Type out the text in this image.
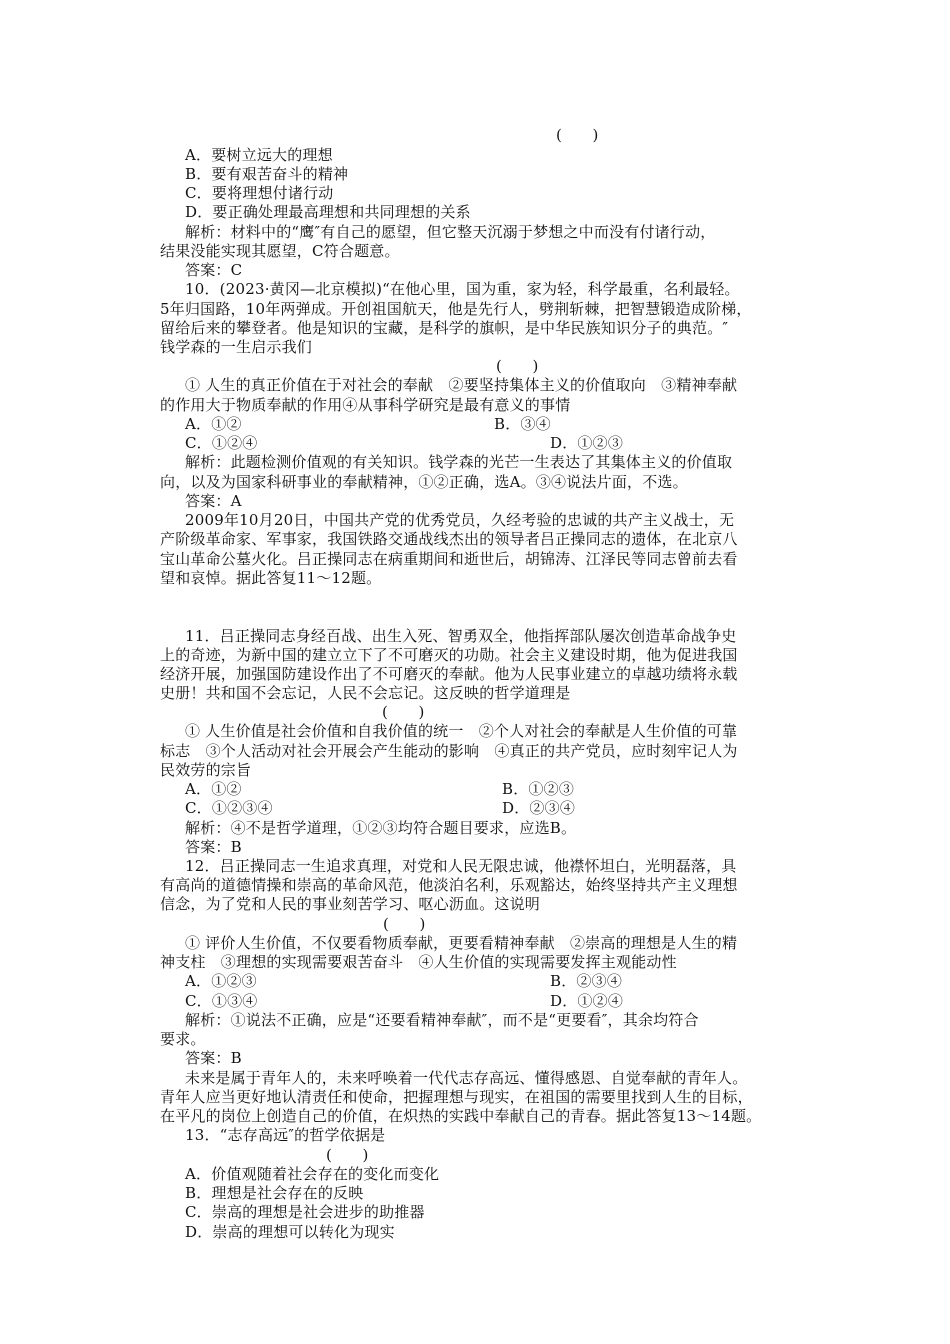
(　　)
A．要树立远大的理想
B．要有艰苦奋斗的精神
C．要将理想付诸行动
D．要正确处理最高理想和共同理想的关系
解析：材料中的“鹰″有自己的愿望，但它整天沉溺于梦想之中而没有付诸行动，
结果没能实现其愿望，C符合题意。
答案：C
10．(2023·黄冈—北京模拟)“在他心里，国为重，家为轻，科学最重，名利最轻。
5年归国路，10年两弹成。开创祖国航天，他是先行人，劈荆斩棘，把智慧锻造成阶梯，
留给后来的攀登者。他是知识的宝藏，是科学的旗帜，是中华民族知识分子的典范。″
钱学森的一生启示我们
(　　)
① 人生的真正价值在于对社会的奉献　②要坚持集体主义的价值取向　③精神奉献
的作用大于物质奉献的作用④从事科学研究是最有意义的事情
A．①②	B．③④
C．①②④	D．①②③
解析：此题检测价值观的有关知识。钱学森的光芒一生表达了其集体主义的价值取
向，以及为国家科研事业的奉献精神，①②正确，选A。③④说法片面，不选。
答案：A
2009年10月20日，中国共产党的优秀党员，久经考验的忠诚的共产主义战士，无
产阶级革命家、军事家，我国铁路交通战线杰出的领导者吕正操同志的遗体，在北京八
宝山革命公墓火化。吕正操同志在病重期间和逝世后，胡锦涛、江泽民等同志曾前去看
望和哀悼。据此答复11～12题。
11．吕正操同志身经百战、出生入死、智勇双全，他指挥部队屡次创造革命战争史
上的奇迹，为新中国的建立立下了不可磨灭的功勋。社会主义建设时期，他为促进我国
经济开展，加强国防建设作出了不可磨灭的奉献。他为人民事业建立的卓越功绩将永载
史册！共和国不会忘记，人民不会忘记。这反映的哲学道理是
(　　)
① 人生价值是社会价值和自我价值的统一　②个人对社会的奉献是人生价值的可靠
标志　③个人活动对社会开展会产生能动的影响　④真正的共产党员，应时刻牢记人为
民效劳的宗旨
A．①②	B．①②③
C．①②③④	D．②③④
解析：④不是哲学道理，①②③均符合题目要求，应选B。
答案：B
12．吕正操同志一生追求真理，对党和人民无限忠诚，他襟怀坦白，光明磊落，具
有高尚的道德情操和崇高的革命风范，他淡泊名利，乐观豁达，始终坚持共产主义理想
信念，为了党和人民的事业刻苦学习、呕心沥血。这说明
(　　)
① 评价人生价值，不仅要看物质奉献，更要看精神奉献　②崇高的理想是人生的精
神支柱　③理想的实现需要艰苦奋斗　④人生价值的实现需要发挥主观能动性
A．①②③	B．②③④
C．①③④	D．①②④
解析：①说法不正确，应是“还要看精神奉献″，而不是“更要看″，其余均符合
要求。
答案：B
未来是属于青年人的，未来呼唤着一代代志存高远、懂得感恩、自觉奉献的青年人。
青年人应当更好地认清责任和使命，把握理想与现实，在祖国的需要里找到人生的目标，
在平凡的岗位上创造自己的价值，在炽热的实践中奉献自己的青春。据此答复13～14题。
13．“志存高远″的哲学依据是
(　　)
A．价值观随着社会存在的变化而变化
B．理想是社会存在的反映
C．崇高的理想是社会进步的助推器
D．崇高的理想可以转化为现实
